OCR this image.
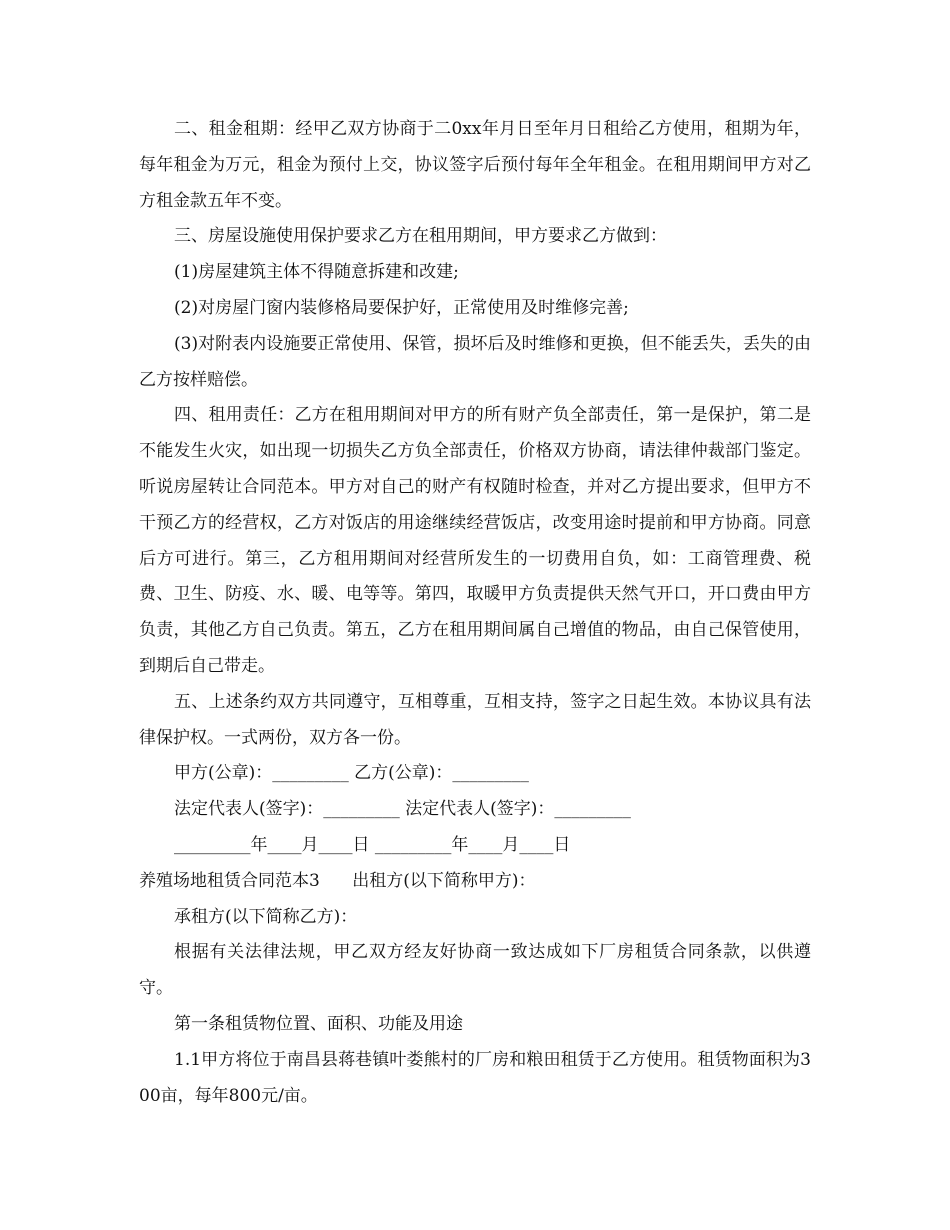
二、租金租期：经甲乙双方协商于二0xx年月日至年月日租给乙方使用，租期为年，每年租金为万元，租金为预付上交，协议签字后预付每年全年租金。在租用期间甲方对乙方租金款五年不变。

三、房屋设施使用保护要求乙方在租用期间，甲方要求乙方做到：

(1)房屋建筑主体不得随意拆建和改建;

(2)对房屋门窗内装修格局要保护好，正常使用及时维修完善;

(3)对附表内设施要正常使用、保管，损坏后及时维修和更换，但不能丢失，丢失的由乙方按样赔偿。

四、租用责任：乙方在租用期间对甲方的所有财产负全部责任，第一是保护，第二是不能发生火灾，如出现一切损失乙方负全部责任，价格双方协商，请法律仲裁部门鉴定。听说房屋转让合同范本。甲方对自己的财产有权随时检查，并对乙方提出要求，但甲方不干预乙方的经营权，乙方对饭店的用途继续经营饭店，改变用途时提前和甲方协商。同意后方可进行。第三，乙方租用期间对经营所发生的一切费用自负，如：工商管理费、税费、卫生、防疫、水、暖、电等等。第四，取暖甲方负责提供天然气开口，开口费由甲方负责，其他乙方自己负责。第五，乙方在租用期间属自己增值的物品，由自己保管使用，到期后自己带走。

五、上述条约双方共同遵守，互相尊重，互相支持，签字之日起生效。本协议具有法律保护权。一式两份，双方各一份。

甲方(公章)：_________ 乙方(公章)：_________

法定代表人(签字)：_________ 法定代表人(签字)：_________

_________年____月____日 _________年____月____日

养殖场地租赁合同范本3      出租方(以下简称甲方)：

承租方(以下简称乙方)：

根据有关法律法规，甲乙双方经友好协商一致达成如下厂房租赁合同条款，以供遵守。

第一条租赁物位置、面积、功能及用途

1.1甲方将位于南昌县蒋巷镇叶娄熊村的厂房和粮田租赁于乙方使用。租赁物面积为300亩，每年800元/亩。
